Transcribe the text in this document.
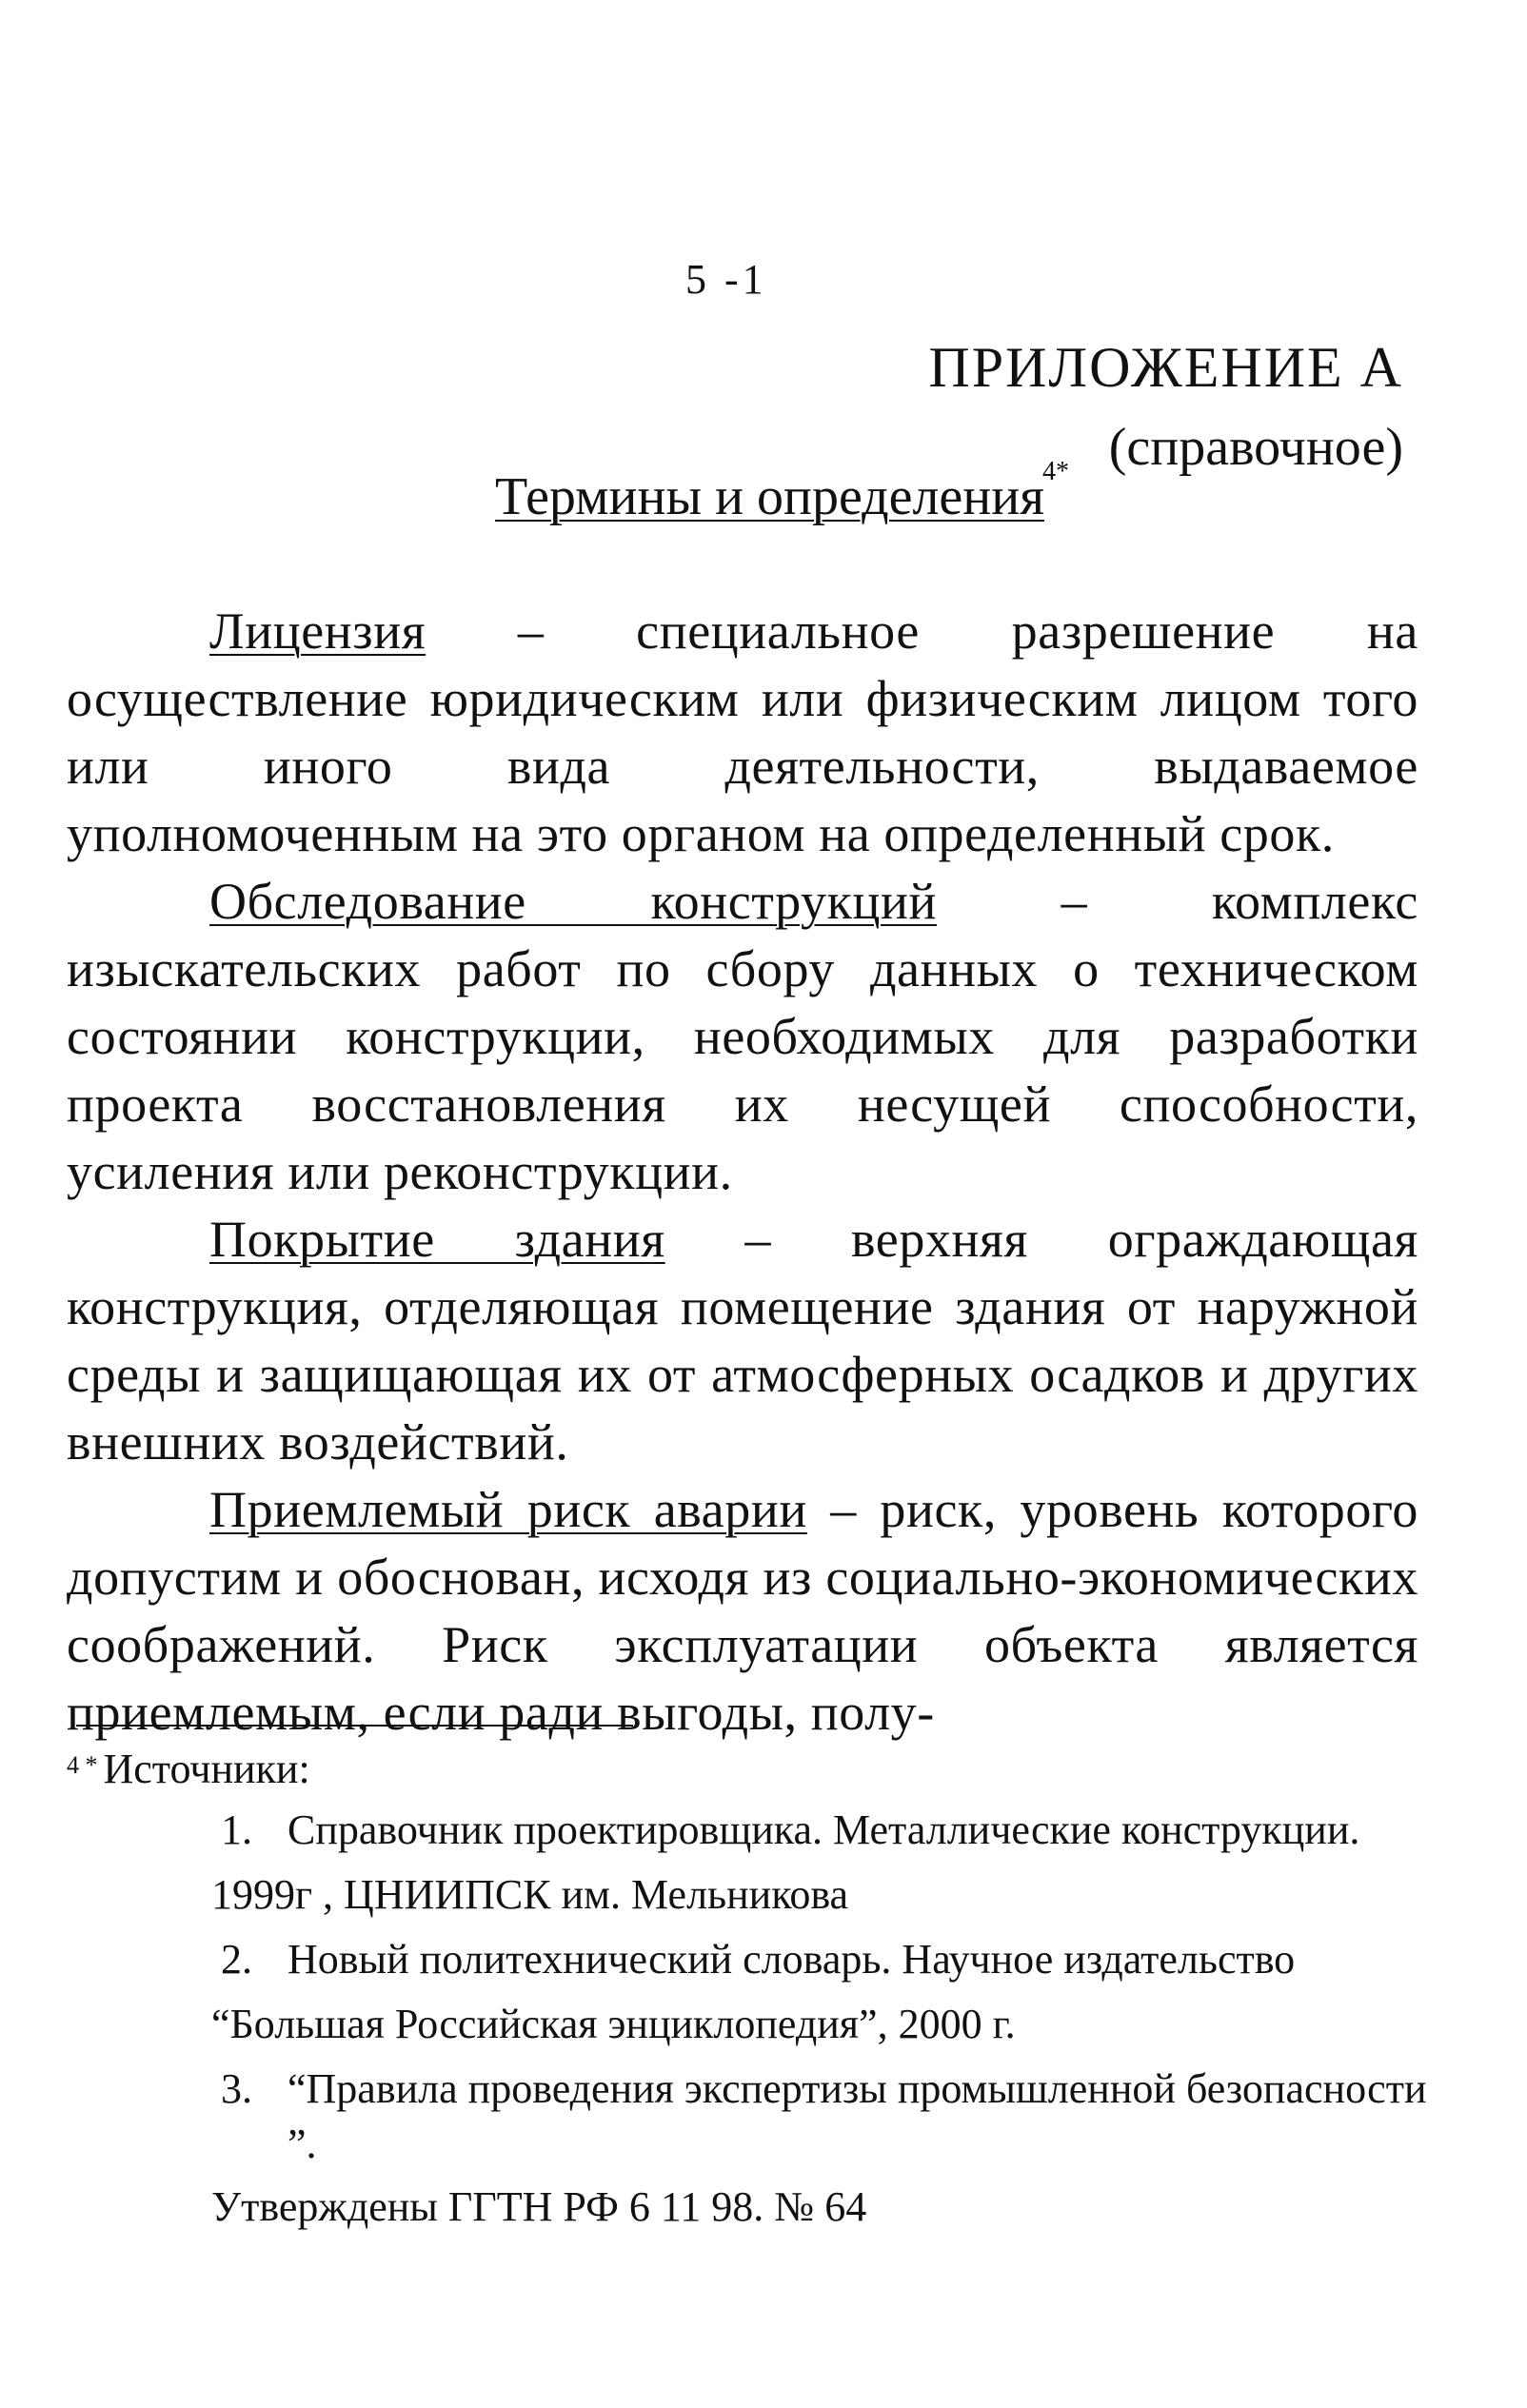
5 -1
ПРИЛОЖЕНИЕ А
(справочное)
Термины и определения$^{4*}$

Лицензия – специальное разрешение на осуществление юридическим или физическим лицом того или иного вида деятельности, выдаваемое уполномоченным на это органом на определенный срок.

Обследование конструкций – комплекс изыскательских работ по сбору данных о техническом состоянии конструкции, необходимых для разработки проекта восстановления их несущей способности, усиления или реконструкции.

Покрытие здания – верхняя ограждающая конструкция, отделяющая помещение здания от наружной среды и защищающая их от атмосферных осадков и других внешних воздействий.

Приемлемый риск аварии – риск, уровень которого допустим и обоснован, исходя из социально-экономических соображений. Риск эксплуатации объекта является приемлемым, если ради выгоды, полу-

$^{4 *}$ Источники:

1. Справочник проектировщика. Металлические конструкции.
1999г , ЦНИИПСК им. Мельникова
2. Новый политехнический словарь. Научное издательство
“Большая Российская энциклопедия”, 2000 г.
3. “Правила проведения экспертизы промышленной безопасности ”.

Утверждены ГГТН РФ 6 11 98. № 64
